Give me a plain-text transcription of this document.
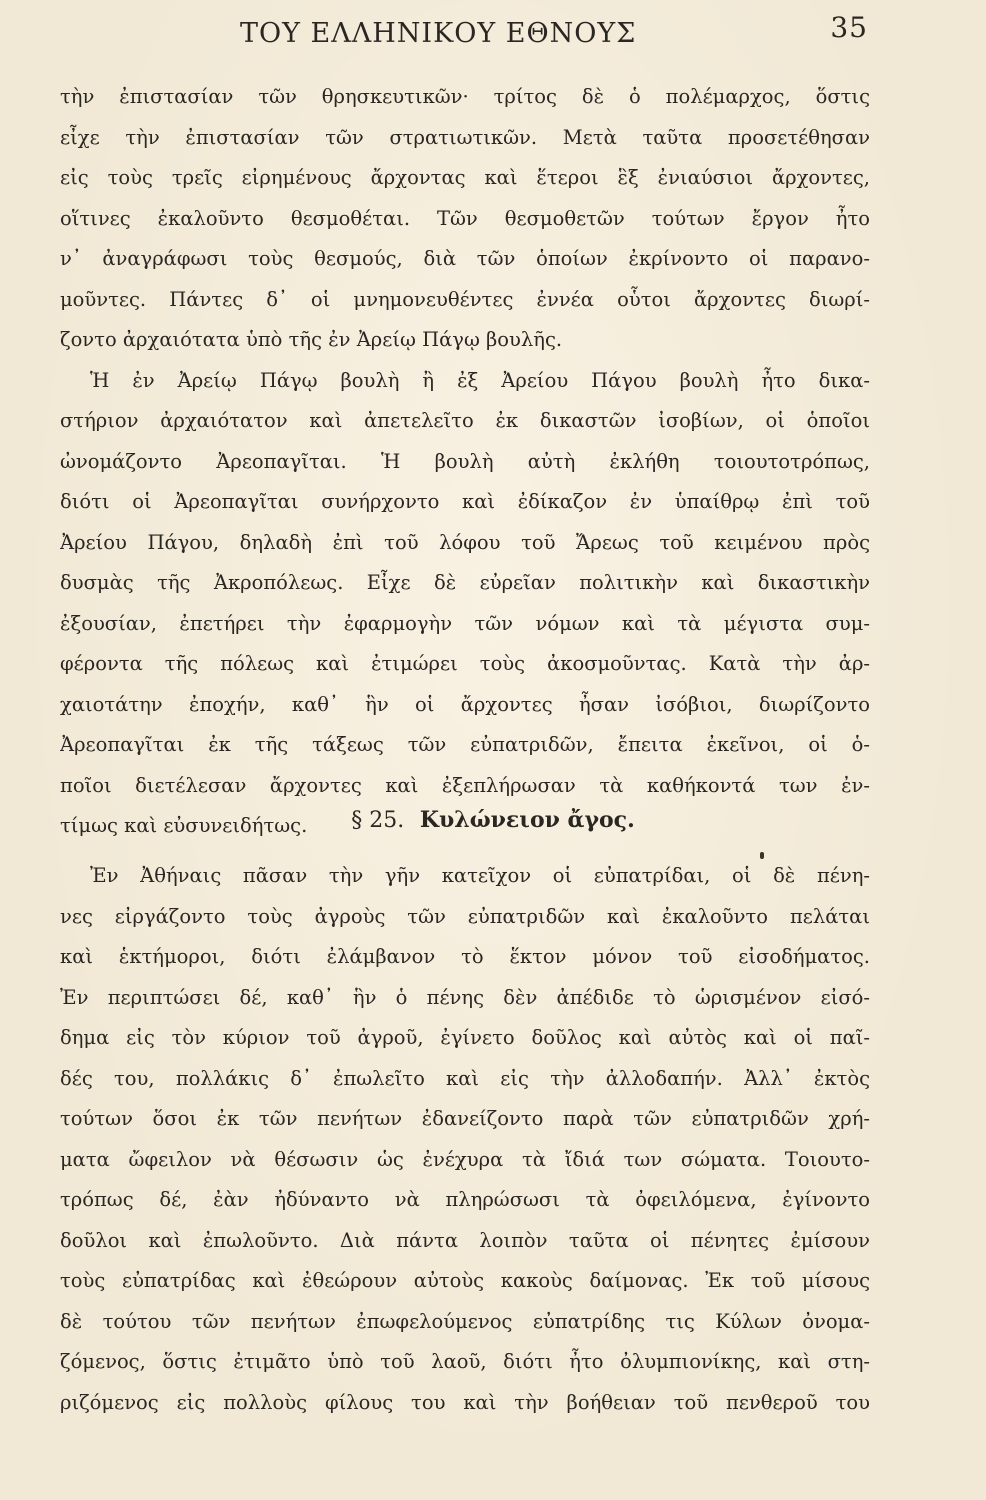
ΤΟΥ ΕΛΛΗΝΙΚΟΥ ΕΘΝΟΥΣ	35
τὴν ἐπιστασίαν τῶν θρησκευτικῶν· τρίτος δὲ ὁ πολέμαρχος, ὅστις
εἶχε τὴν ἐπιστασίαν τῶν στρατιωτικῶν. Μετὰ ταῦτα προσετέθησαν
εἰς τοὺς τρεῖς εἰρημένους ἄρχοντας καὶ ἕτεροι ἓξ ἐνιαύσιοι ἄρχοντες,
οἵτινες ἐκαλοῦντο θεσμοθέται. Τῶν θεσμοθετῶν τούτων ἔργον ἦτο
ν᾽ ἀναγράφωσι τοὺς θεσμούς, διὰ τῶν ὁποίων ἐκρίνοντο οἱ παρανο-
μοῦντες. Πάντες δ᾽ οἱ μνημονευθέντες ἐννέα οὗτοι ἄρχοντες διωρί-
ζοντο ἀρχαιότατα ὑπὸ τῆς ἐν Ἀρείῳ Πάγῳ βουλῆς.
Ἡ ἐν Ἀρείῳ Πάγῳ βουλὴ ἢ ἐξ Ἀρείου Πάγου βουλὴ ἦτο δικα-
στήριον ἀρχαιότατον καὶ ἀπετελεῖτο ἐκ δικαστῶν ἰσοβίων, οἱ ὁποῖοι
ὠνομάζοντο Ἀρεοπαγῖται. Ἡ βουλὴ αὐτὴ ἐκλήθη τοιουτοτρόπως,
διότι οἱ Ἀρεοπαγῖται συνήρχοντο καὶ ἐδίκαζον ἐν ὑπαίθρῳ ἐπὶ τοῦ
Ἀρείου Πάγου, δηλαδὴ ἐπὶ τοῦ λόφου τοῦ Ἄρεως τοῦ κειμένου πρὸς
δυσμὰς τῆς Ἀκροπόλεως. Εἶχε δὲ εὐρεῖαν πολιτικὴν καὶ δικαστικὴν
ἐξουσίαν, ἐπετήρει τὴν ἐφαρμογὴν τῶν νόμων καὶ τὰ μέγιστα συμ-
φέροντα τῆς πόλεως καὶ ἐτιμώρει τοὺς ἀκοσμοῦντας. Κατὰ τὴν ἀρ-
χαιοτάτην ἐποχήν, καθ᾽ ἣν οἱ ἄρχοντες ἦσαν ἰσόβιοι, διωρίζοντο
Ἀρεοπαγῖται ἐκ τῆς τάξεως τῶν εὐπατριδῶν, ἔπειτα ἐκεῖνοι, οἱ ὁ-
ποῖοι διετέλεσαν ἄρχοντες καὶ ἐξεπλήρωσαν τὰ καθήκοντά των ἐν-
τίμως καὶ εὐσυνειδήτως.	§ 25. Κυλώνειον ἄγος.
Ἐν Ἀθήναις πᾶσαν τὴν γῆν κατεῖχον οἱ εὐπατρίδαι, οἱ δὲ πένη-
νες εἰργάζοντο τοὺς ἀγροὺς τῶν εὐπατριδῶν καὶ ἐκαλοῦντο πελάται
καὶ ἑκτήμοροι, διότι ἐλάμβανον τὸ ἕκτον μόνον τοῦ εἰσοδήματος.
Ἐν περιπτώσει δέ, καθ᾽ ἣν ὁ πένης δὲν ἀπέδιδε τὸ ὡρισμένον εἰσό-
δημα εἰς τὸν κύριον τοῦ ἀγροῦ, ἐγίνετο δοῦλος καὶ αὐτὸς καὶ οἱ παῖ-
δές του, πολλάκις δ᾽ ἐπωλεῖτο καὶ εἰς τὴν ἀλλοδαπήν. Ἀλλ᾽ ἐκτὸς
τούτων ὅσοι ἐκ τῶν πενήτων ἐδανείζοντο παρὰ τῶν εὐπατριδῶν χρή-
ματα ὤφειλον νὰ θέσωσιν ὡς ἐνέχυρα τὰ ἴδιά των σώματα. Τοιουτο-
τρόπως δέ, ἐὰν ἠδύναντο νὰ πληρώσωσι τὰ ὀφειλόμενα, ἐγίνοντο
δοῦλοι καὶ ἐπωλοῦντο. Διὰ πάντα λοιπὸν ταῦτα οἱ πένητες ἐμίσουν
τοὺς εὐπατρίδας καὶ ἐθεώρουν αὐτοὺς κακοὺς δαίμονας. Ἐκ τοῦ μίσους
δὲ τούτου τῶν πενήτων ἐπωφελούμενος εὐπατρίδης τις Κύλων ὀνομα-
ζόμενος, ὅστις ἐτιμᾶτο ὑπὸ τοῦ λαοῦ, διότι ἦτο ὀλυμπιονίκης, καὶ στη-
ριζόμενος εἰς πολλοὺς φίλους του καὶ τὴν βοήθειαν τοῦ πενθεροῦ του
